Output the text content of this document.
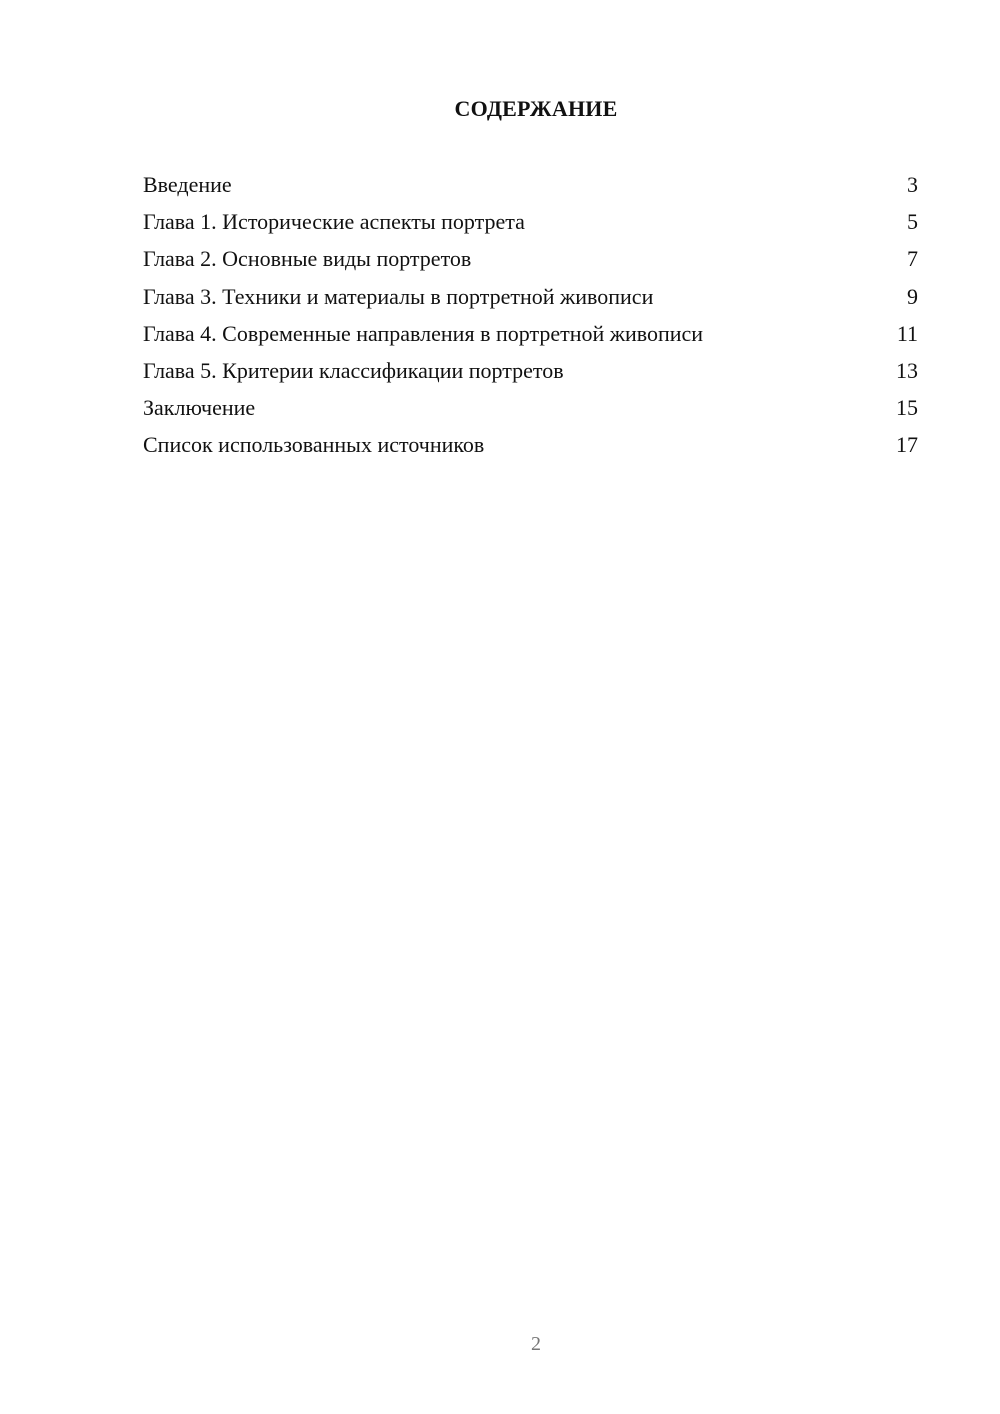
СОДЕРЖАНИЕ
Введение	3
Глава 1. Исторические аспекты портрета	5
Глава 2. Основные виды портретов	7
Глава 3. Техники и материалы в портретной живописи	9
Глава 4. Современные направления в портретной живописи	11
Глава 5. Критерии классификации портретов	13
Заключение	15
Список использованных источников	17
2
